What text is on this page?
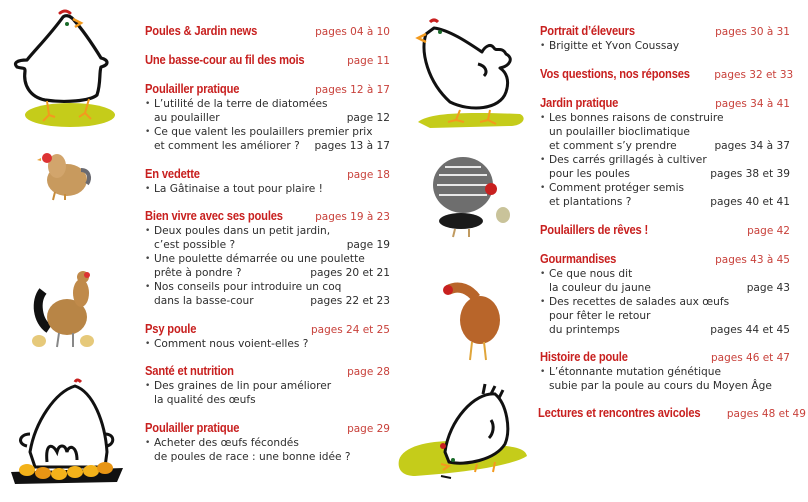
Poules & Jardin news	pages 04 à 10
Une basse-cour au fil des mois	page 11
Poulailler pratique	pages 12 à 17
• L’utilité de la terre de diatomées
au poulailler	page 12
• Ce que valent les poulaillers premier prix
et comment les améliorer ? pages 13 à 17
En vedette	page 18
• La Gâtinaise a tout pour plaire !
Bien vivre avec ses poules	pages 19 à 23
• Deux poules dans un petit jardin,
c’est possible ?	page 19
• Une poulette démarrée ou une poulette
prête à pondre ?	pages 20 et 21
• Nos conseils pour introduire un coq
dans la basse-cour	pages 22 et 23
Psy poule	pages 24 et 25
• Comment nous voient-elles ?
Santé et nutrition	page 28
• Des graines de lin pour améliorer
la qualité des œufs
Poulailler pratique	page 29
• Acheter des œufs fécondés
de poules de race : une bonne idée ?
Portrait d’éleveurs	pages 30 à 31
• Brigitte et Yvon Coussay
Vos questions, nos réponses pages 32 et 33
Jardin pratique	pages 34 à 41
• Les bonnes raisons de construire
un poulailler bioclimatique
et comment s’y prendre	pages 34 à 37
• Des carrés grillagés à cultiver
pour les poules	pages 38 et 39
• Comment protéger semis
et plantations ?	pages 40 et 41
Poulaillers de rêves !	page 42
Gourmandises	pages 43 à 45
• Ce que nous dit
la couleur du jaune	page 43
• Des recettes de salades aux œufs
pour fêter le retour
du printemps	pages 44 et 45
Histoire de poule	pages 46 et 47
• L’étonnante mutation génétique
subie par la poule au cours du Moyen Âge
Lectures et rencontres avicoles	pages 48 et 49
